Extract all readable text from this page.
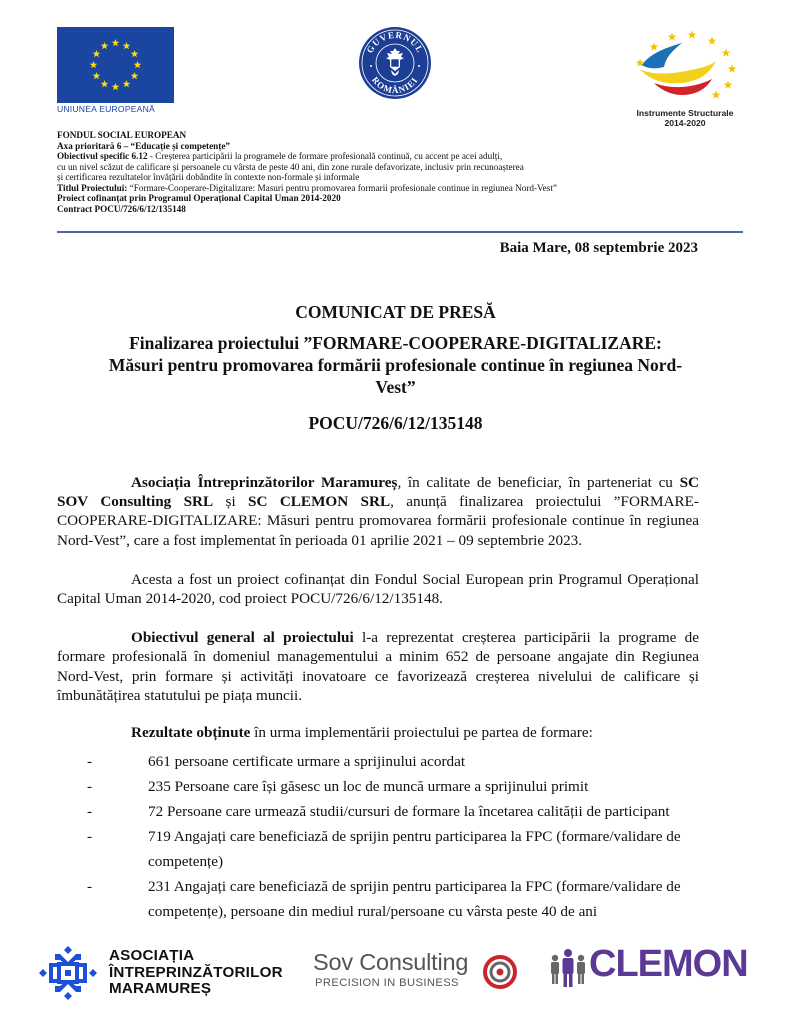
UNIUNEA EUROPEANĂ
GUVERNUL
ROMÂNIEI
Instrumente Structurale
2014-2020
FONDUL SOCIAL EUROPEAN
Axa prioritară 6 – “Educație și competențe”
Obiectivul specific 6.12 - Creșterea participării la programele de formare profesională continuă, cu accent pe acei adulți,
cu un nivel scăzut de calificare și persoanele cu vârsta de peste 40 ani, din zone rurale defavorizate, inclusiv prin recunoașterea
și certificarea rezultatelor învățării dobândite în contexte non-formale și informale
Titlul Proiectului: “Formare-Cooperare-Digitalizare: Masuri pentru promovarea formarii profesionale continue in regiunea Nord-Vest”
Proiect cofinanțat prin Programul Operațional Capital Uman 2014-2020
Contract POCU/726/6/12/135148
Baia Mare, 08 septembrie 2023
COMUNICAT DE PRESĂ
Finalizarea proiectului ”FORMARE-COOPERARE-DIGITALIZARE:
Măsuri pentru promovarea formării profesionale continue în regiunea Nord-
Vest”
POCU/726/6/12/135148

Asociația Întreprinzătorilor Maramureș, în calitate de beneficiar, în parteneriat cu SC SOV Consulting SRL și SC CLEMON SRL, anunță finalizarea proiectului ”FORMARE-COOPERARE-DIGITALIZARE: Măsuri pentru promovarea formării profesionale continue în regiunea Nord-Vest”, care a fost implementat în perioada 01 aprilie 2021 – 09 septembrie 2023.

Acesta a fost un proiect cofinanțat din Fondul Social European prin Programul Operațional Capital Uman 2014-2020, cod proiect POCU/726/6/12/135148.

Obiectivul general al proiectului l-a reprezentat creșterea participării la programe de formare profesională în domeniul managementului a minim 652 de persoane angajate din Regiunea Nord-Vest, prin formare și activități inovatoare ce favorizează creșterea nivelului de calificare și îmbunătățirea statutului pe piața muncii.

Rezultate obținute în urma implementării proiectului pe partea de formare:

-	661 persoane certificate urmare a sprijinului acordat
-	235 Persoane care își găsesc un loc de muncă urmare a sprijinului primit
-	72 Persoane care urmează studii/cursuri de formare la încetarea calității de participant
-	719 Angajați care beneficiază de sprijin pentru participarea la FPC (formare/validare de competențe)
-	231 Angajați care beneficiază de sprijin pentru participarea la FPC (formare/validare de competențe), persoane din mediul rural/persoane cu vârsta peste 40 de ani
ASOCIAȚIA
ÎNTREPRINZĂTORILOR
MARAMUREȘ
Sov Consulting
PRECISION IN BUSINESS	CLEMON
